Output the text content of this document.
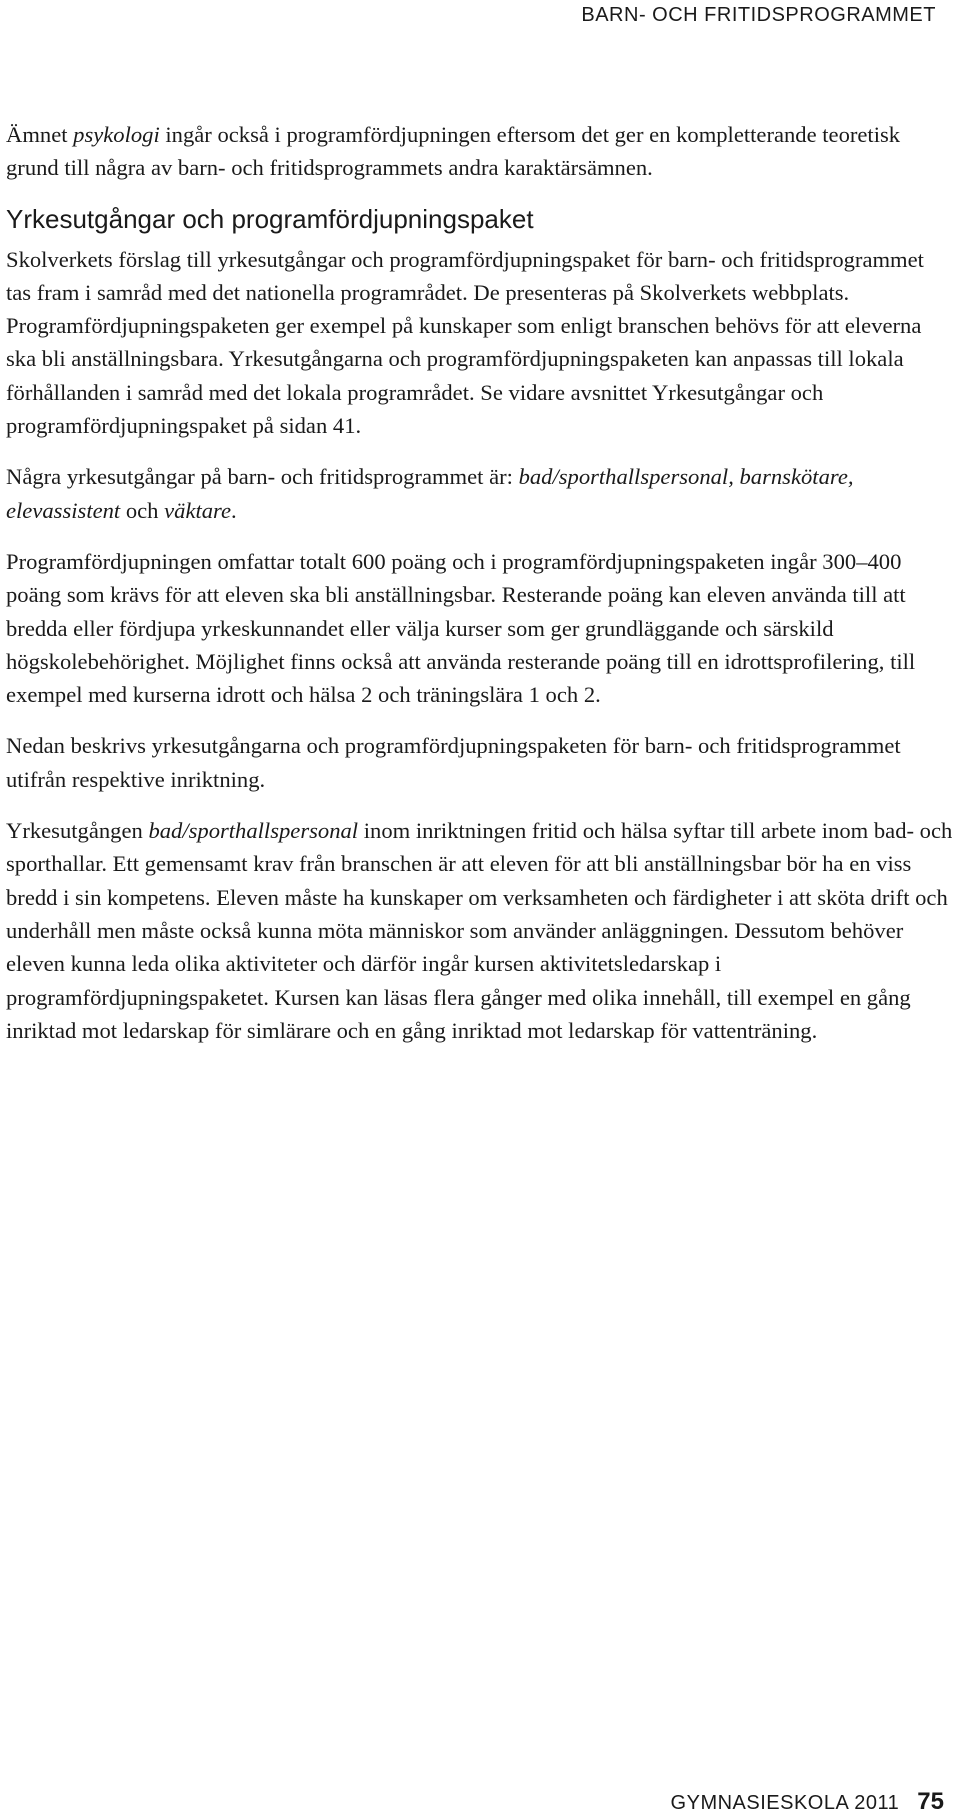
BARN- OCH FRITIDSPROGRAMMET

Ämnet psykologi ingår också i programfördjupningen eftersom det ger en kompletterande teoretisk grund till några av barn- och fritidsprogrammets andra karaktärsämnen.

Yrkesutgångar och programfördjupningspaket

Skolverkets förslag till yrkesutgångar och programfördjupningspaket för barn- och fritidsprogrammet tas fram i samråd med det nationella programrådet. De presenteras på Skolverkets webbplats. Programfördjupningspaketen ger exempel på kunskaper som enligt branschen behövs för att eleverna ska bli anställningsbara. Yrkesutgångarna och programfördjupningspaketen kan anpassas till lokala förhållanden i samråd med det lokala programrådet. Se vidare avsnittet Yrkesutgångar och programfördjupningspaket på sidan 41.

Några yrkesutgångar på barn- och fritidsprogrammet är: bad/sporthallspersonal, barnskötare, elevassistent och väktare.

Programfördjupningen omfattar totalt 600 poäng och i programfördjupningspaketen ingår 300–400 poäng som krävs för att eleven ska bli anställningsbar. Resterande poäng kan eleven använda till att bredda eller fördjupa yrkeskunnandet eller välja kurser som ger grundläggande och särskild högskolebehörighet. Möjlighet finns också att använda resterande poäng till en idrottsprofilering, till exempel med kurserna idrott och hälsa 2 och träningslära 1 och 2.

Nedan beskrivs yrkesutgångarna och programfördjupningspaketen för barn- och fritidsprogrammet utifrån respektive inriktning.

Yrkesutgången bad/sporthallspersonal inom inriktningen fritid och hälsa syftar till arbete inom bad- och sporthallar. Ett gemensamt krav från branschen är att eleven för att bli anställningsbar bör ha en viss bredd i sin kompetens. Eleven måste ha kunskaper om verksamheten och färdigheter i att sköta drift och underhåll men måste också kunna möta människor som använder anläggningen. Dessutom behöver eleven kunna leda olika aktiviteter och därför ingår kursen aktivitetsledarskap i programfördjupningspaketet. Kursen kan läsas flera gånger med olika innehåll, till exempel en gång inriktad mot ledarskap för simlärare och en gång inriktad mot ledarskap för vattenträning.

GYMNASIESKOLA 2011 75
